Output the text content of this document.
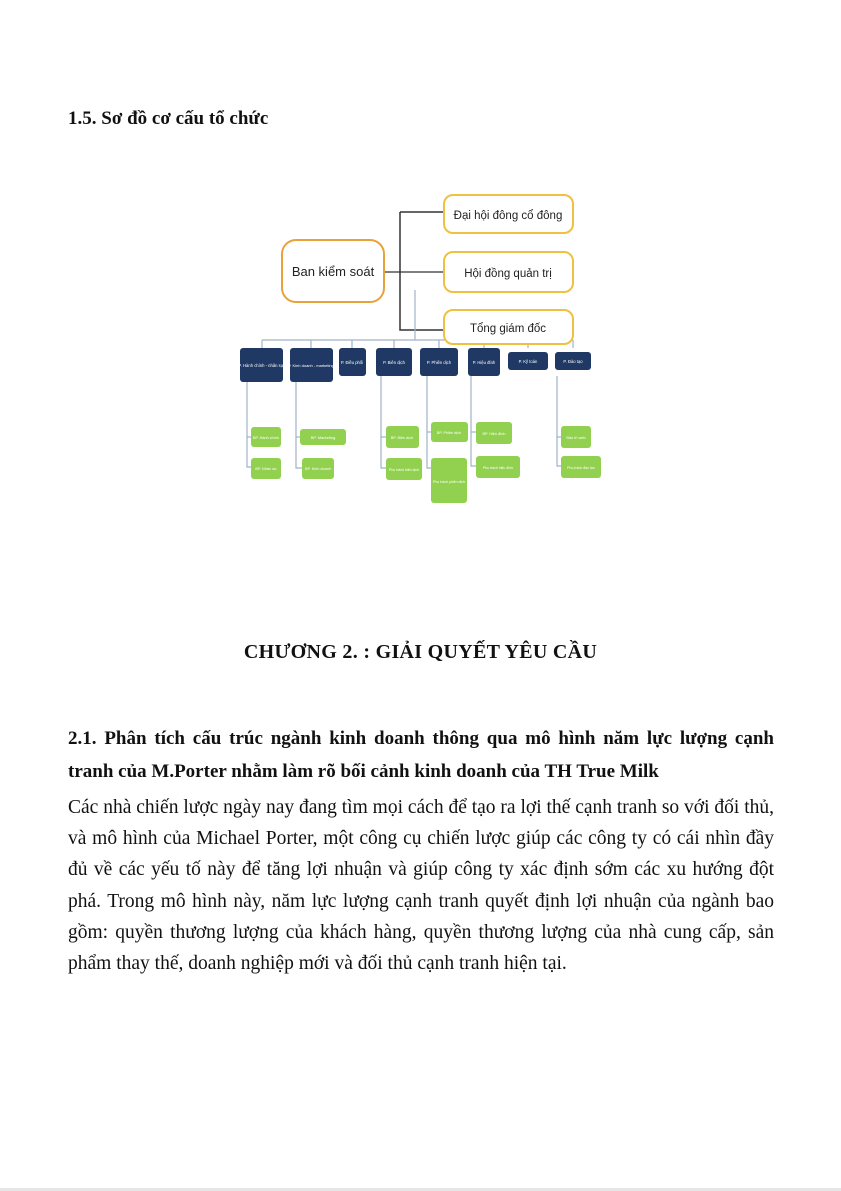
1.5. Sơ đồ cơ cấu tổ chức
Đại hội đông cổ đông
Hội đồng quản trị
Tổng giám đốc
Ban kiểm soát
P. Hành chính - nhân sự P. Kinh doanh - marketing
P. Điều phối	P. Biên dịch	P. Phiên dịch	P. Hiệu đính	P. Kỹ toán	P. Đào tạo
BP. Hành chính
BP. Nhân sự
BP. Marketing
BP. Kinh doanh
BP. Biên dịch
Phụ trách biên dịch
BP. Phiên dịch
Phụ trách phiên dịch
BP. Hiệu đính
Phụ trách hiệu đính
Bảo trì web
Phụ trách đào tạo
CHƯƠNG 2. : GIẢI QUYẾT YÊU CẦU
2.1. Phân tích cấu trúc ngành kinh doanh thông qua mô hình năm lực lượng cạnh tranh của M.Porter nhằm làm rõ bối cảnh kinh doanh của TH True Milk
Các nhà chiến lược ngày nay đang tìm mọi cách để tạo ra lợi thế cạnh tranh so với đối thủ, và mô hình của Michael Porter, một công cụ chiến lược giúp các công ty có cái nhìn đầy đủ về các yếu tố này để tăng lợi nhuận và giúp công ty xác định sớm các xu hướng đột phá. Trong mô hình này, năm lực lượng cạnh tranh quyết định lợi nhuận của ngành bao gồm: quyền thương lượng của khách hàng, quyền thương lượng của nhà cung cấp, sản phẩm thay thế, doanh nghiệp mới và đối thủ cạnh tranh hiện tại.
